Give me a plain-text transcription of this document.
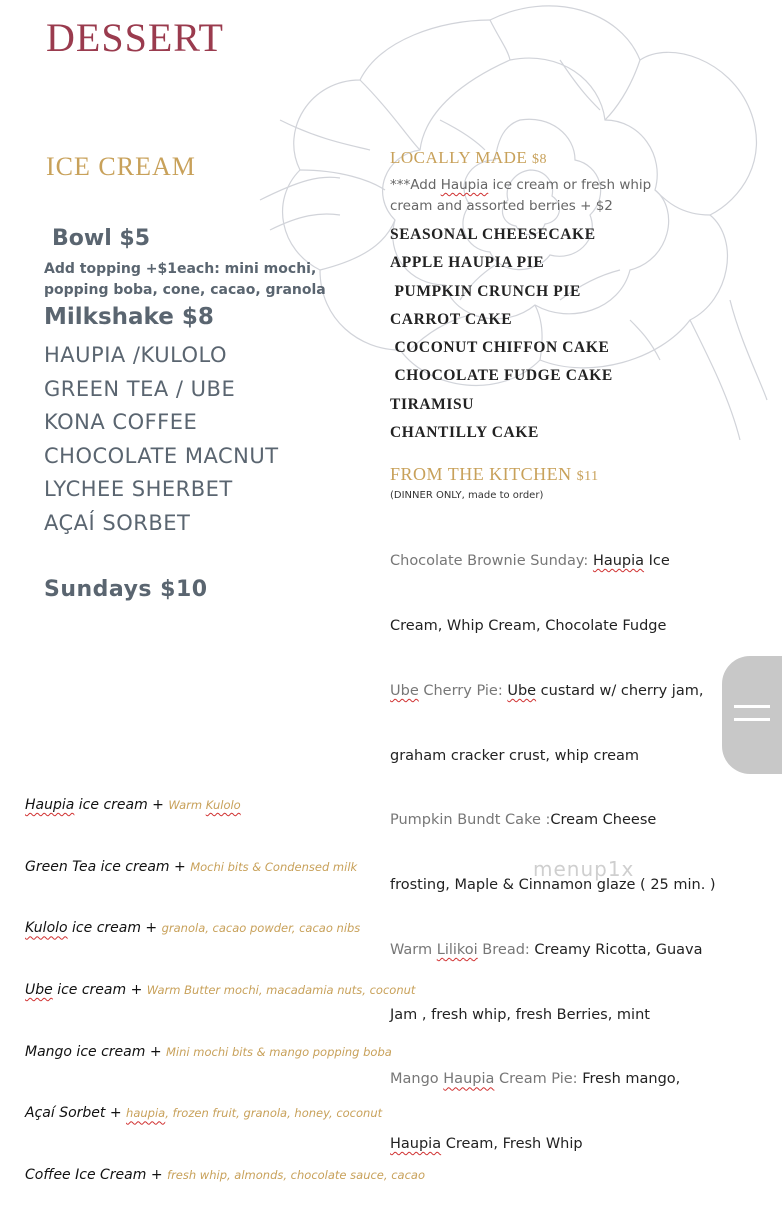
DESSERT
ICE CREAM
Bowl $5
Add topping +$1each: mini mochi,
popping boba, cone, cacao, granola
Milkshake $8
HAUPIA /KULOLO
GREEN TEA / UBE
KONA COFFEE
CHOCOLATE MACNUT
LYCHEE SHERBET
AÇAÍ SORBET
Sundays $10
LOCALLY MADE $8
***Add Haupia ice cream or fresh whip
cream and assorted berries + $2
SEASONAL CHEESECAKE
APPLE HAUPIA PIE
PUMPKIN CRUNCH PIE
CARROT CAKE
COCONUT CHIFFON CAKE
CHOCOLATE FUDGE CAKE
TIRAMISU
CHANTILLY CAKE
FROM THE KITCHEN $11
(DINNER ONLY, made to order)

Chocolate Brownie Sunday: Haupia Ice

Cream, Whip Cream, Chocolate Fudge

Ube Cherry Pie: Ube custard w/ cherry jam,

graham cracker crust, whip cream

Pumpkin Bundt Cake :Cream Cheese

frosting, Maple & Cinnamon glaze ( 25 min. )

Warm Lilikoi Bread: Creamy Ricotta, Guava

Jam , fresh whip, fresh Berries, mint

Mango Haupia Cream Pie: Fresh mango,

Haupia Cream, Fresh Whip

Haupia ice cream + Warm Kulolo

Green Tea ice cream + Mochi bits & Condensed milk

Kulolo ice cream + granola, cacao powder, cacao nibs

Ube ice cream + Warm Butter mochi, macadamia nuts, coconut

Mango ice cream + Mini mochi bits & mango popping boba

Açaí Sorbet + haupia, frozen fruit, granola, honey, coconut

Coffee Ice Cream + fresh whip, almonds, chocolate sauce, cacao

menup1x
